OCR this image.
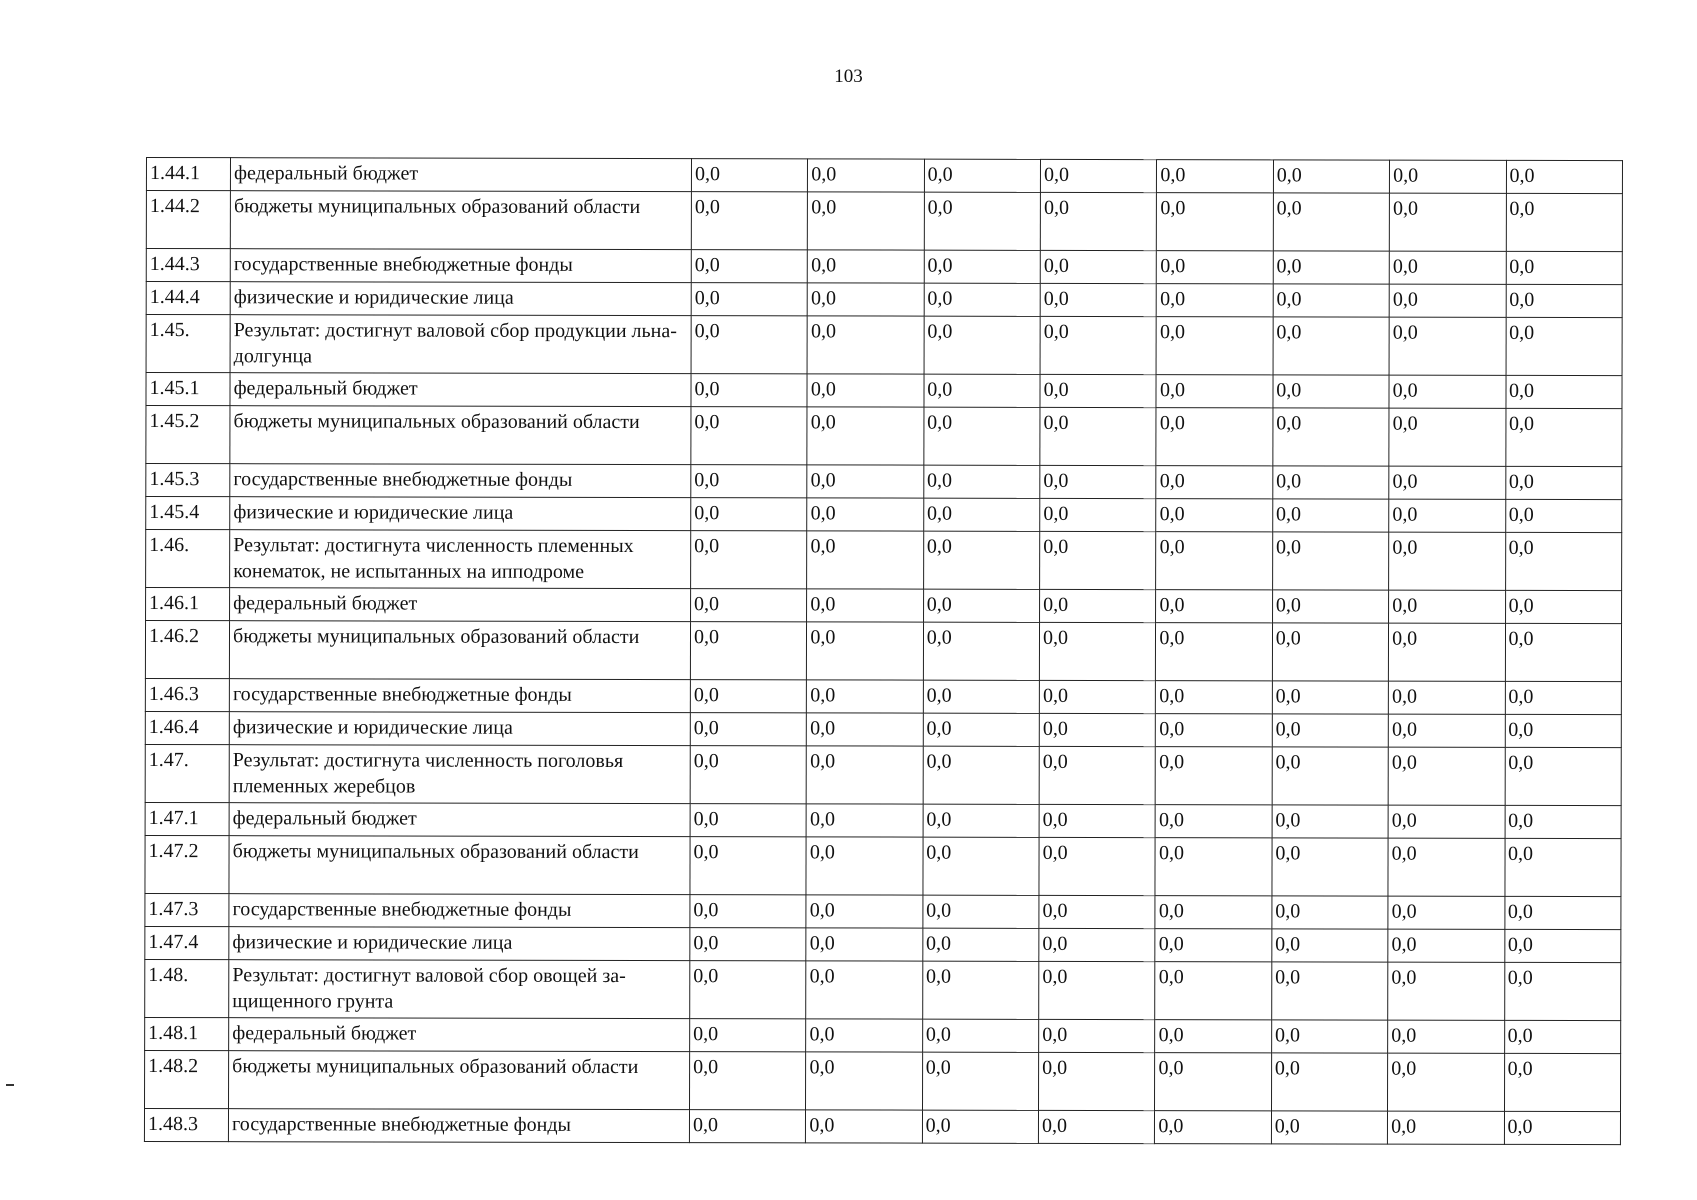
103
1.44.1	федеральный бюджет	0,0	0,0	0,0	0,0	0,0	0,0	0,0	0,0
1.44.2	бюджеты муниципальных образований области	0,0	0,0	0,0	0,0	0,0	0,0	0,0	0,0
1.44.3	государственные внебюджетные фонды	0,0	0,0	0,0	0,0	0,0	0,0	0,0	0,0
1.44.4	физические и юридические лица	0,0	0,0	0,0	0,0	0,0	0,0	0,0	0,0
1.45.	Результат: достигнут валовой сбор продукции льна-долгунца	0,0	0,0	0,0	0,0	0,0	0,0	0,0	0,0
1.45.1	федеральный бюджет	0,0	0,0	0,0	0,0	0,0	0,0	0,0	0,0
1.45.2	бюджеты муниципальных образований области	0,0	0,0	0,0	0,0	0,0	0,0	0,0	0,0
1.45.3	государственные внебюджетные фонды	0,0	0,0	0,0	0,0	0,0	0,0	0,0	0,0
1.45.4	физические и юридические лица	0,0	0,0	0,0	0,0	0,0	0,0	0,0	0,0
1.46.	Результат: достигнута численность племенных конематок, не испытанных на ипподроме	0,0	0,0	0,0	0,0	0,0	0,0	0,0	0,0
1.46.1	федеральный бюджет	0,0	0,0	0,0	0,0	0,0	0,0	0,0	0,0
1.46.2	бюджеты муниципальных образований области	0,0	0,0	0,0	0,0	0,0	0,0	0,0	0,0
1.46.3	государственные внебюджетные фонды	0,0	0,0	0,0	0,0	0,0	0,0	0,0	0,0
1.46.4	физические и юридические лица	0,0	0,0	0,0	0,0	0,0	0,0	0,0	0,0
1.47.	Результат: достигнута численность поголовья племенных жеребцов	0,0	0,0	0,0	0,0	0,0	0,0	0,0	0,0
1.47.1	федеральный бюджет	0,0	0,0	0,0	0,0	0,0	0,0	0,0	0,0
1.47.2	бюджеты муниципальных образований области	0,0	0,0	0,0	0,0	0,0	0,0	0,0	0,0
1.47.3	государственные внебюджетные фонды	0,0	0,0	0,0	0,0	0,0	0,0	0,0	0,0
1.47.4	физические и юридические лица	0,0	0,0	0,0	0,0	0,0	0,0	0,0	0,0
1.48.	Результат: достигнут валовой сбор овощей за-щищенного грунта	0,0	0,0	0,0	0,0	0,0	0,0	0,0	0,0
1.48.1	федеральный бюджет	0,0	0,0	0,0	0,0	0,0	0,0	0,0	0,0
1.48.2	бюджеты муниципальных образований области	0,0	0,0	0,0	0,0	0,0	0,0	0,0	0,0
1.48.3	государственные внебюджетные фонды	0,0	0,0	0,0	0,0	0,0	0,0	0,0	0,0
